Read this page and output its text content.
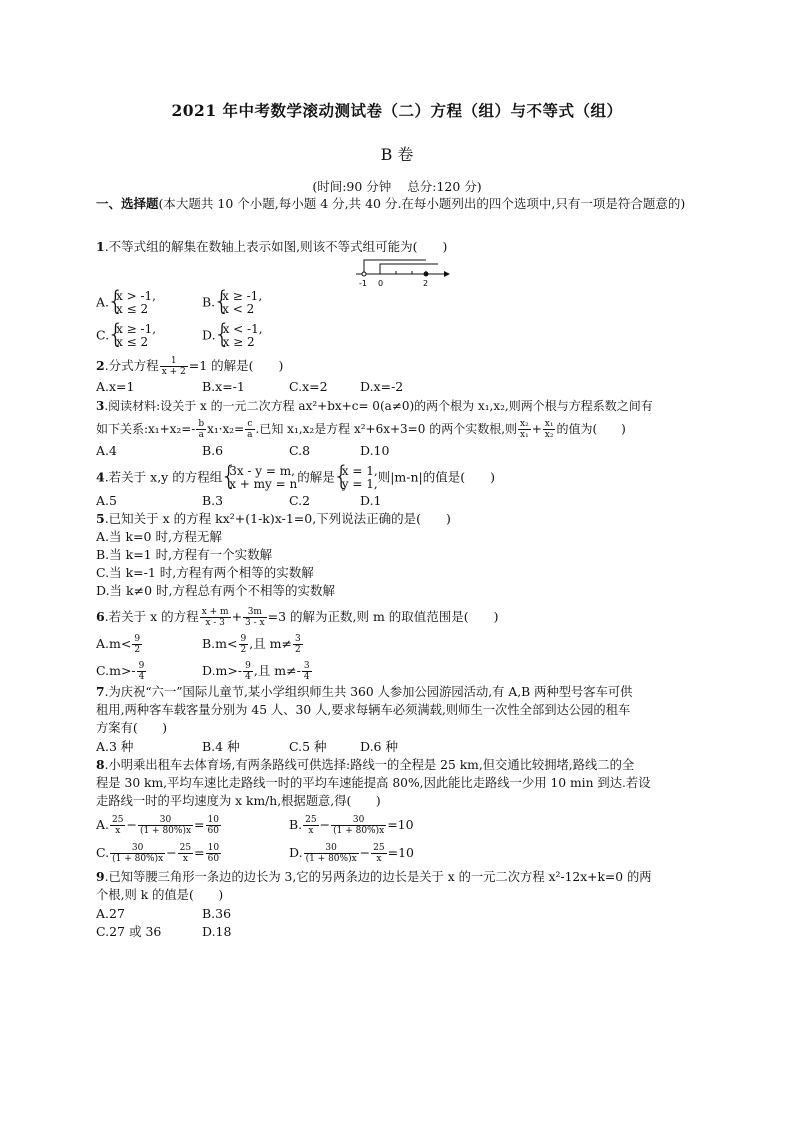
2021 年中考数学滚动测试卷（二）方程（组）与不等式（组）
B 卷
(时间:90 分钟 总分:120 分)
一、选择题(本大题共 10 个小题,每小题 4 分,共 40 分.在每小题列出的四个选项中,只有一项是符合题意的)
1.不等式组的解集在数轴上表示如图,则该不等式组可能为(　　)
-1 0	2
A. { x > -1,
x ≤ 2	B. { x ≥ -1,
x < 2
C. { x ≥ -1,
x ≤ 2	D. { x < -1,
x ≥ 2
2.分式方程 $\frac{1}{x + 2} =1$ 的解是(　　)
A.x=1	B.x=-1	C.x=2	D.x=-2
3.阅读材料:设关于 x 的一元二次方程 ax²+bx+c= 0(a≠0)的两个根为 x₁,x₂,则两个根与方程系数之间有
如下关系:x₁+x₂=- $\frac{b}{a} x_1\cdot x_2= \frac{c}{a}$ .已知 x₁,x₂是方程 x²+6x+3=0 的两个实数根,则 $\frac{\text{x₂}}{\text{x₁}} + \frac{\text{x₁}}{\text{x₂}}$ 的值为(　　)
A.4	B.6	C.8	D.10
4.若关于 x,y 的方程组 { 3x - y = m,
x + my = n 的解是 { x = 1,
y = 1, 则|m-n|的值是(　　)
A.5	B.3	C.2	D.1
5.已知关于 x 的方程 kx²+(1-k)x-1=0,下列说法正确的是(　　)
A.当 k=0 时,方程无解
B.当 k=1 时,方程有一个实数解
C.当 k=-1 时,方程有两个相等的实数解
D.当 k≠0 时,方程总有两个不相等的实数解
6.若关于 x 的方程 $\frac{x + m}{x - 3} + \frac{3m}{3 - x} =3$ 的解为正数,则 m 的取值范围是(　　)
$A.m< \frac{9}{2}$	$B.m< \frac{9}{2}$ ,且 $m\ne \frac{3}{2}$
$C.m>- \frac{9}{4}$	$D.m>- \frac{9}{4}$ ,且 $m\ne- \frac{3}{4}$
7.为庆祝“六一”国际儿童节,某小学组织师生共 360 人参加公园游园活动,有 A,B 两种型号客车可供
租用,两种客车载客量分别为 45 人、30 人,要求每辆车必须满载,则师生一次性全部到达公园的租车
方案有(　　)
A.3 种	B.4 种	C.5 种	D.6 种
8.小明乘出租车去体育场,有两条路线可供选择:路线一的全程是 25 km,但交通比较拥堵,路线二的全
程是 30 km,平均车速比走路线一时的平均车速能提高 80%,因此能比走路线一少用 10 min 到达.若设
走路线一时的平均速度为 x km/h,根据题意,得(　　)
A. $\frac{25}{x} - \frac{30}{(1 + 80\%)x} = \frac{10}{60}$	B. $\frac{25}{x} - \frac{30}{(1 + 80\%)x} =10$
C. $\frac{30}{(1 + 80\%)x} - \frac{25}{x} = \frac{10}{60}$	D. $\frac{30}{(1 + 80\%)x} - \frac{25}{x} =10$
9.已知等腰三角形一条边的边长为 3,它的另两条边的边长是关于 x 的一元二次方程 x²-12x+k=0 的两
个根,则 k 的值是(　　)
A.27	B.36
C.27 或 36	D.18
